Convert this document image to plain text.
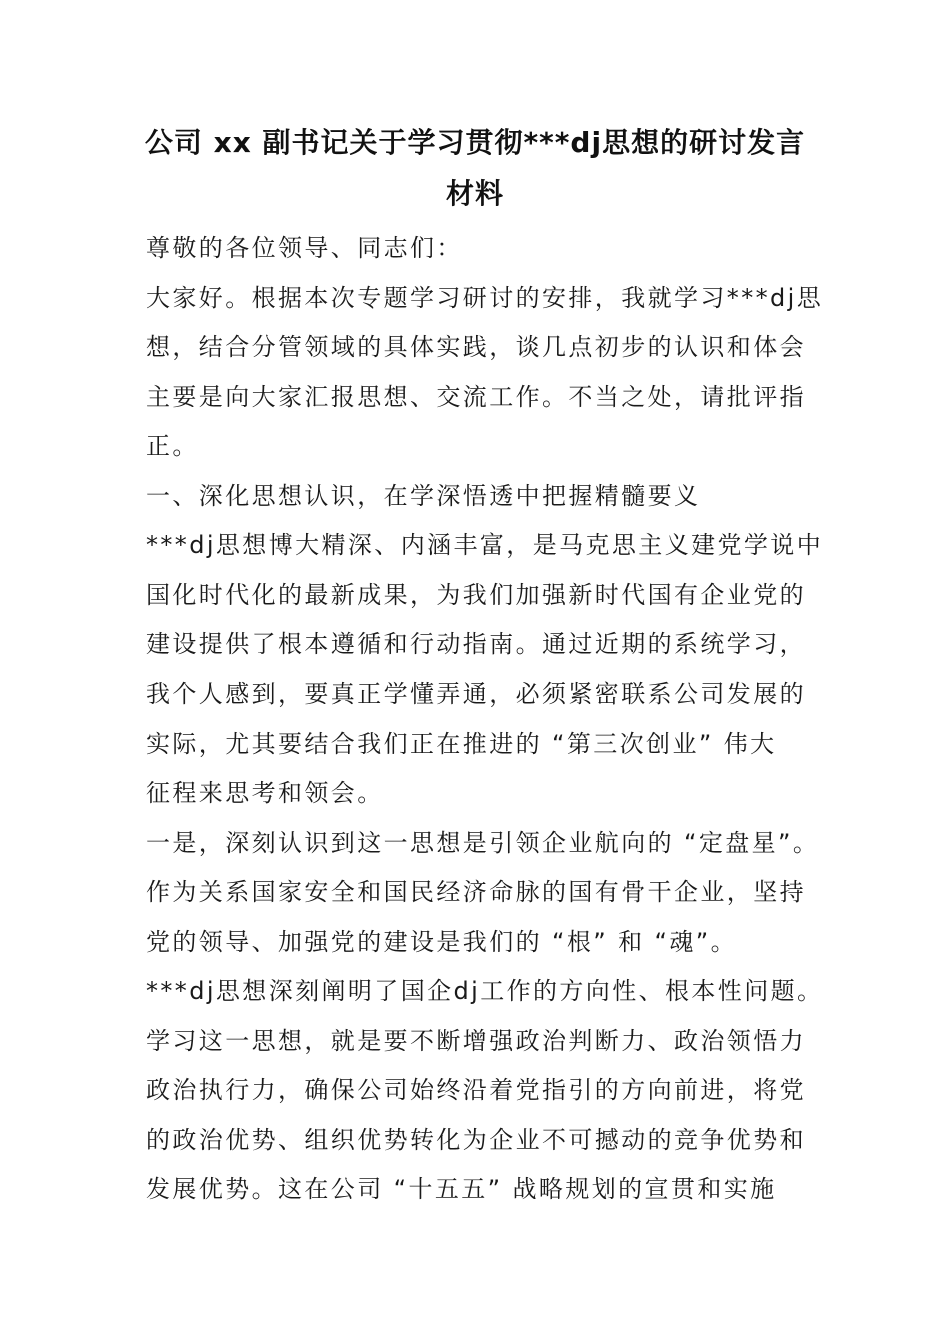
公司 xx 副书记关于学习贯彻***dj思想的研讨发言
材料
尊敬的各位领导、同志们：
大家好。根据本次专题学习研讨的安排，我就学习***dj思
想，结合分管领域的具体实践，谈几点初步的认识和体会
主要是向大家汇报思想、交流工作。不当之处，请批评指
正。
一、深化思想认识，在学深悟透中把握精髓要义
***dj思想博大精深、内涵丰富，是马克思主义建党学说中
国化时代化的最新成果，为我们加强新时代国有企业党的
建设提供了根本遵循和行动指南。通过近期的系统学习，
我个人感到，要真正学懂弄通，必须紧密联系公司发展的
实际，尤其要结合我们正在推进的 “第三次创业” 伟大
征程来思考和领会。
一是，深刻认识到这一思想是引领企业航向的 “定盘星”。
作为关系国家安全和国民经济命脉的国有骨干企业，坚持
党的领导、加强党的建设是我们的 “根” 和 “魂”。
***dj思想深刻阐明了国企dj工作的方向性、根本性问题。
学习这一思想，就是要不断增强政治判断力、政治领悟力
政治执行力，确保公司始终沿着党指引的方向前进，将党
的政治优势、组织优势转化为企业不可撼动的竞争优势和
发展优势。这在公司 “十五五” 战略规划的宣贯和实施
